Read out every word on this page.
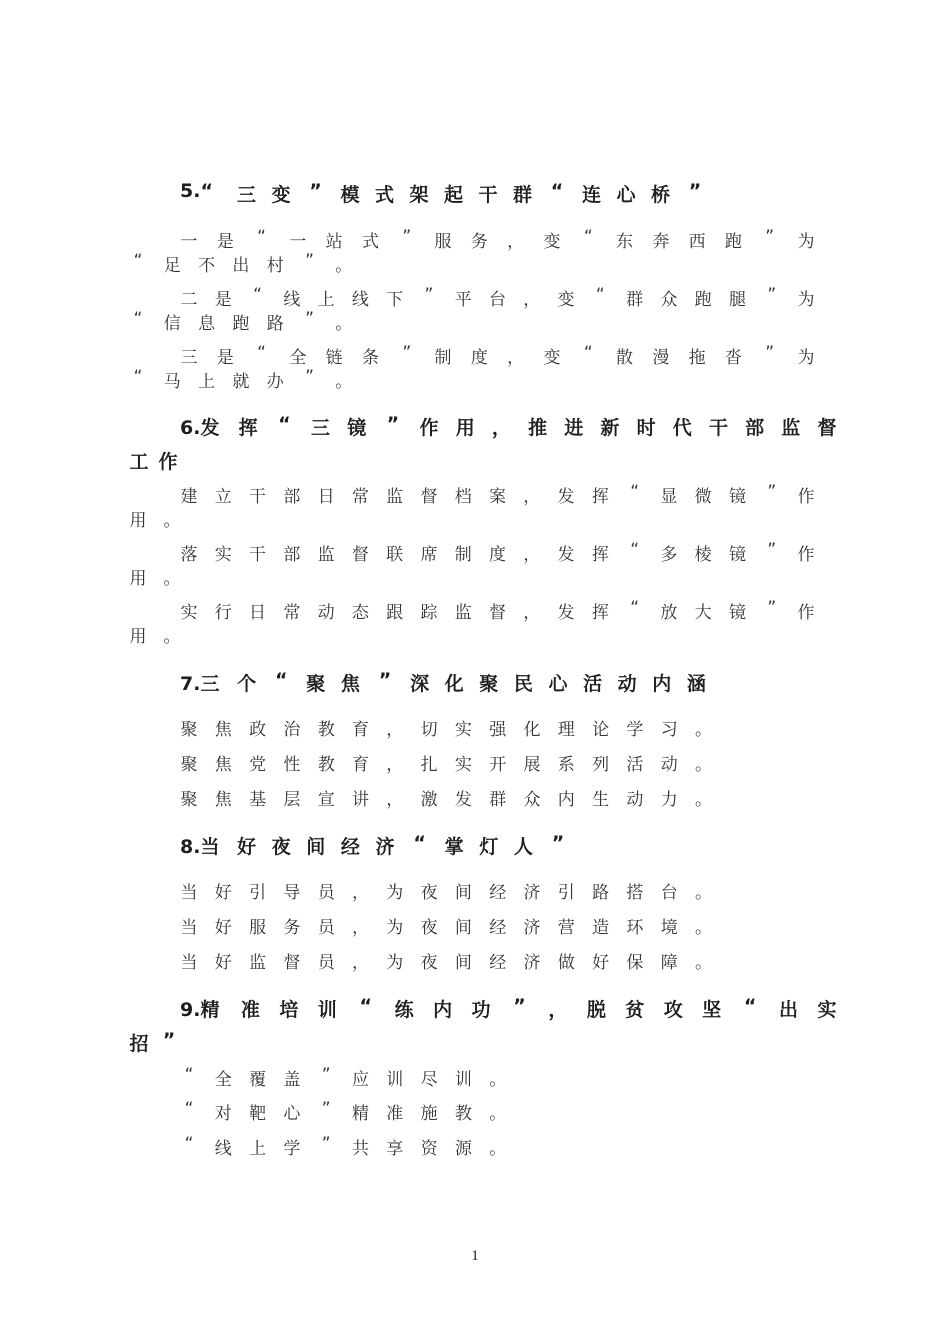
5.“ 三 变 ” 模 式 架 起 干 群 “ 连 心 桥 ”
一 是 “ 一 站 式 ” 服 务 ， 变 “ 东 奔 西 跑 ” 为
“ 足 不 出 村 ” 。
二 是 “ 线 上 线 下 ” 平 台 ， 变 “ 群 众 跑 腿 ” 为
“ 信 息 跑 路 ” 。
三 是 “ 全 链 条 ” 制 度 ， 变 “ 散 漫 拖 沓 ” 为
“ 马 上 就 办 ” 。
6.发 挥 “ 三 镜 ” 作 用 ， 推 进 新 时 代 干 部 监 督
工 作
建 立 干 部 日 常 监 督 档 案 ， 发 挥 “ 显 微 镜 ” 作
用 。
落 实 干 部 监 督 联 席 制 度 ， 发 挥 “ 多 棱 镜 ” 作
用 。
实 行 日 常 动 态 跟 踪 监 督 ， 发 挥 “ 放 大 镜 ” 作
用 。
7.三 个 “ 聚 焦 ” 深 化 聚 民 心 活 动 内 涵
聚 焦 政 治 教 育 ， 切 实 强 化 理 论 学 习 。
聚 焦 党 性 教 育 ， 扎 实 开 展 系 列 活 动 。
聚 焦 基 层 宣 讲 ， 激 发 群 众 内 生 动 力 。
8.当 好 夜 间 经 济 “ 掌 灯 人 ”
当 好 引 导 员 ， 为 夜 间 经 济 引 路 搭 台 。
当 好 服 务 员 ， 为 夜 间 经 济 营 造 环 境 。
当 好 监 督 员 ， 为 夜 间 经 济 做 好 保 障 。
9.精 准 培 训 “ 练 内 功 ” ， 脱 贫 攻 坚 “ 出 实
招 ”
“ 全 覆 盖 ” 应 训 尽 训 。
“ 对 靶 心 ” 精 准 施 教 。
“ 线 上 学 ” 共 享 资 源 。
1
